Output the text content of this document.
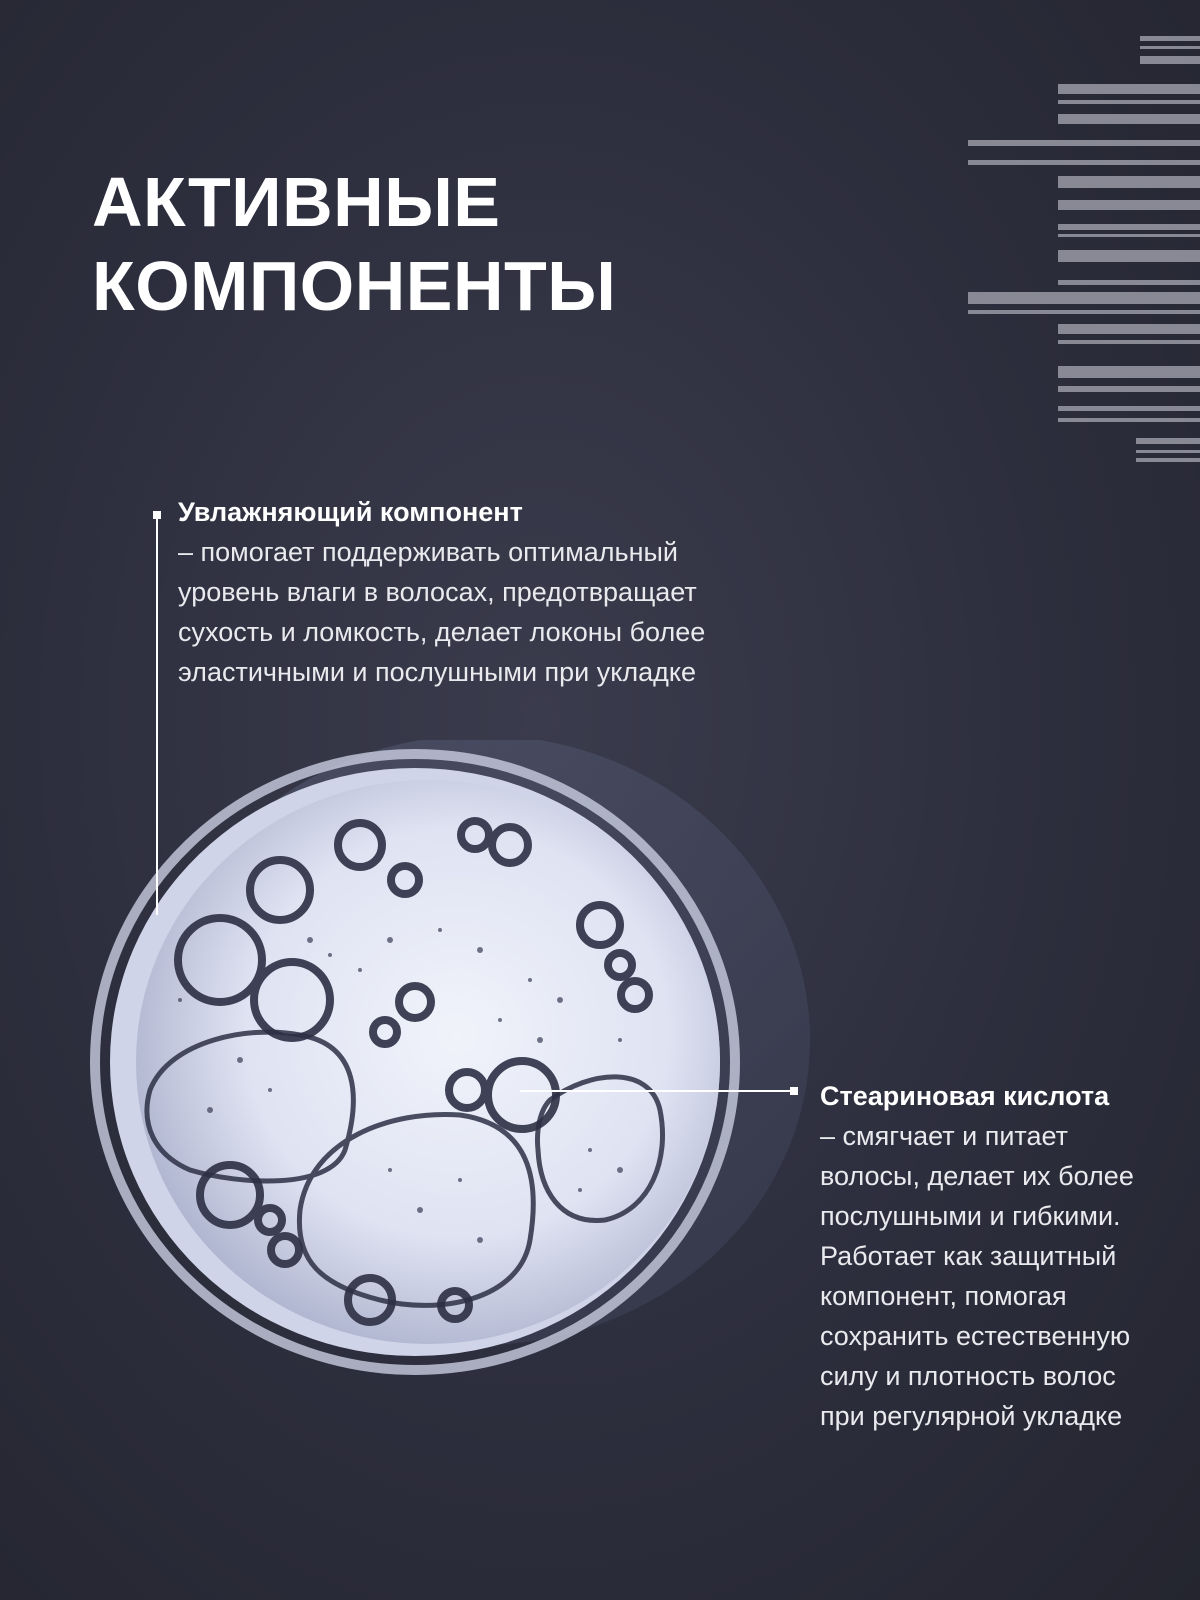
АКТИВНЫЕ
КОМПОНЕНТЫ

Увлажняющий компонент

– помогает поддерживать оптимальный
уровень влаги в волосах, предотвращает
сухость и ломкость, делает локоны более
эластичными и послушными при укладке

Стеариновая кислота

– смягчает и питает
волосы, делает их более
послушными и гибкими.
Работает как защитный
компонент, помогая
сохранить естественную
силу и плотность волос
при регулярной укладке
